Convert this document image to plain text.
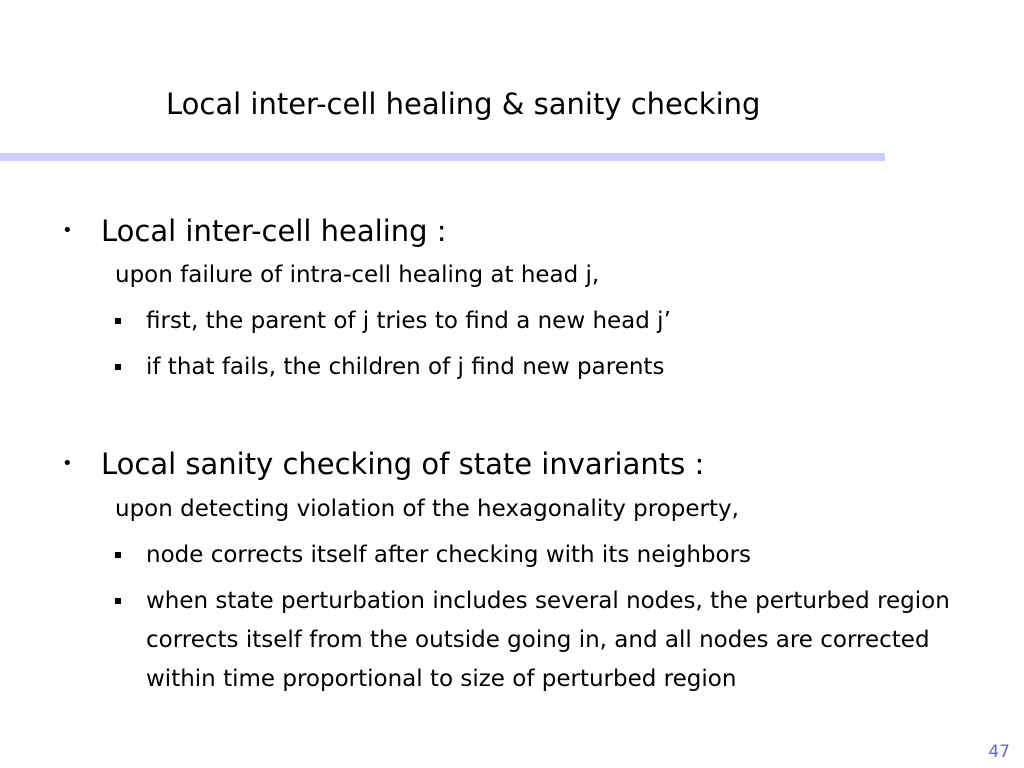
Local inter-cell healing & sanity checking
• Local inter-cell healing :
upon failure of intra-cell healing at head j,
first, the parent of j tries to find a new head j’
if that fails, the children of j find new parents
• Local sanity checking of state invariants :
upon detecting violation of the hexagonality property,
node corrects itself after checking with its neighbors
when state perturbation includes several nodes, the perturbed region corrects itself from the outside going in, and all nodes are corrected within time proportional to size of perturbed region
47
